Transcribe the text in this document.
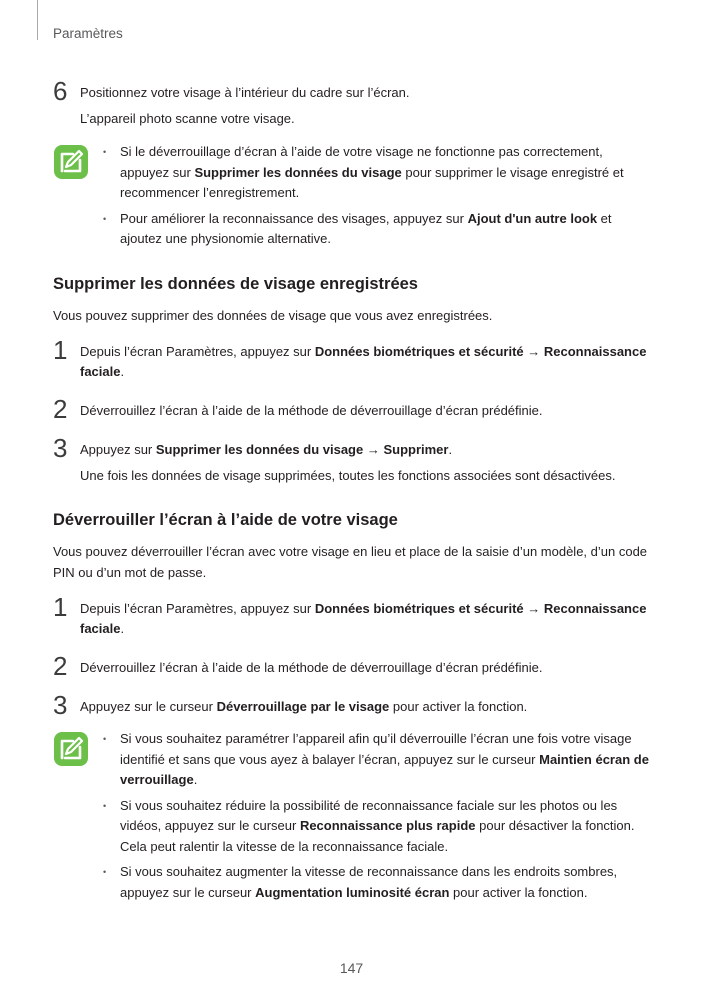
Paramètres
6 Positionnez votre visage à l’intérieur du cadre sur l’écran.
L’appareil photo scanne votre visage.
• Si le déverrouillage d’écran à l’aide de votre visage ne fonctionne pas correctement, appuyez sur Supprimer les données du visage pour supprimer le visage enregistré et recommencer l’enregistrement.
• Pour améliorer la reconnaissance des visages, appuyez sur Ajout d'un autre look et ajoutez une physionomie alternative.
Supprimer les données de visage enregistrées
Vous pouvez supprimer des données de visage que vous avez enregistrées.
1 Depuis l’écran Paramètres, appuyez sur Données biométriques et sécurité → Reconnaissance faciale.
2 Déverrouillez l’écran à l’aide de la méthode de déverrouillage d’écran prédéfinie.
3 Appuyez sur Supprimer les données du visage → Supprimer.
Une fois les données de visage supprimées, toutes les fonctions associées sont désactivées.
Déverrouiller l’écran à l’aide de votre visage
Vous pouvez déverrouiller l’écran avec votre visage en lieu et place de la saisie d’un modèle, d’un code PIN ou d’un mot de passe.
1 Depuis l’écran Paramètres, appuyez sur Données biométriques et sécurité → Reconnaissance faciale.
2 Déverrouillez l’écran à l’aide de la méthode de déverrouillage d’écran prédéfinie.
3 Appuyez sur le curseur Déverrouillage par le visage pour activer la fonction.
• Si vous souhaitez paramétrer l’appareil afin qu’il déverrouille l’écran une fois votre visage identifié et sans que vous ayez à balayer l’écran, appuyez sur le curseur Maintien écran de verrouillage.
• Si vous souhaitez réduire la possibilité de reconnaissance faciale sur les photos ou les vidéos, appuyez sur le curseur Reconnaissance plus rapide pour désactiver la fonction. Cela peut ralentir la vitesse de la reconnaissance faciale.
• Si vous souhaitez augmenter la vitesse de reconnaissance dans les endroits sombres, appuyez sur le curseur Augmentation luminosité écran pour activer la fonction.
147
